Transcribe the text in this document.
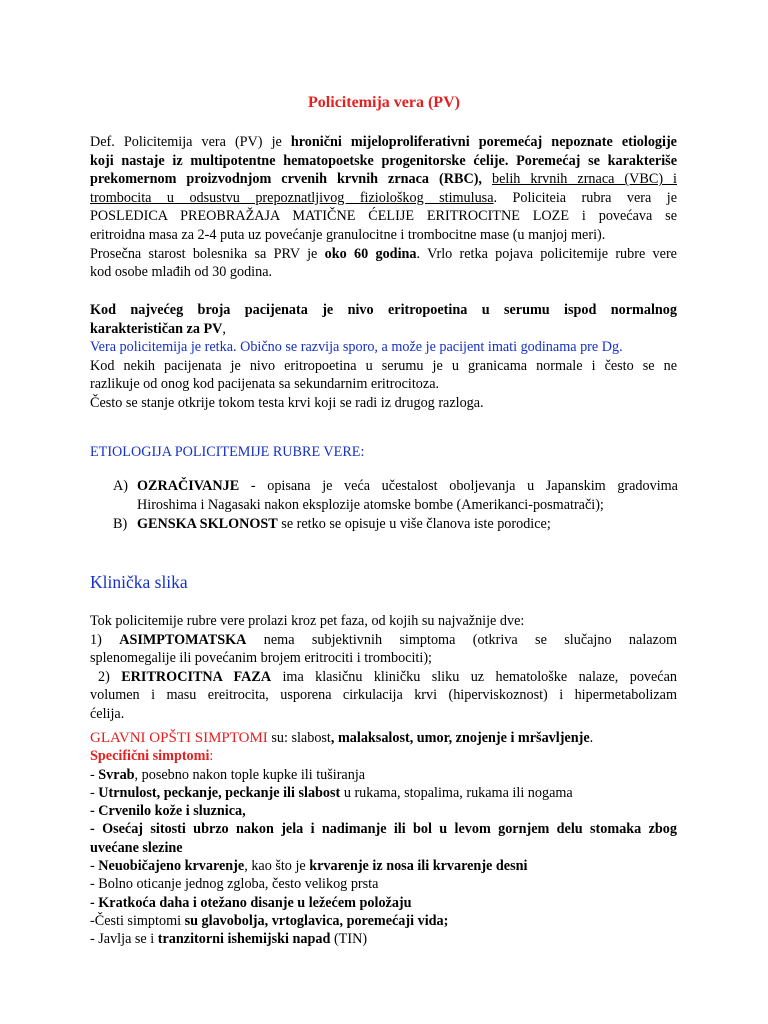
Policitemija vera (PV)
Def. Policitemija vera (PV) je hronični mijeloproliferativni poremećaj nepoznate etiologije
koji nastaje iz multipotentne hematopoetske progenitorske ćelije. Poremećaj se karakteriše
prekomernom proizvodnjom crvenih krvnih zrnaca (RBC), belih krvnih zrnaca (VBC) i
trombocita u odsustvu prepoznatljivog fiziološkog stimulusa. Policiteia rubra vera je
POSLEDICA PREOBRAŽAJA MATIČNE ĆELIJE ERITROCITNE LOZE i povećava se
eritroidna masa za 2-4 puta uz povećanje granulocitne i trombocitne mase (u manjoj meri).
Prosečna starost bolesnika sa PRV je oko 60 godina. Vrlo retka pojava policitemije rubre vere
kod osobe mlađih od 30 godina.
Kod najvećeg broja pacijenata je nivo eritropoetina u serumu ispod normalnog
karakterističan za PV,
Vera policitemija je retka. Obično se razvija sporo, a može je pacijent imati godinama pre Dg.
Kod nekih pacijenata je nivo eritropoetina u serumu je u granicama normale i često se ne
razlikuje od onog kod pacijenata sa sekundarnim eritrocitoza.
Često se stanje otkrije tokom testa krvi koji se radi iz drugog razloga.
ETIOLOGIJA POLICITEMIJE RUBRE VERE:
A) OZRAČIVANJE - opisana je veća učestalost oboljevanja u Japanskim gradovima
Hiroshima i Nagasaki nakon eksplozije atomske bombe (Amerikanci-posmatrači);
B) GENSKA SKLONOST se retko se opisuje u više članova iste porodice;
Klinička slika
Tok policitemije rubre vere prolazi kroz pet faza, od kojih su najvažnije dve:
1) ASIMPTOMATSKA nema subjektivnih simptoma (otkriva se slučajno nalazom
splenomegalije ili povećanim brojem eritrociti i trombociti);
2) ERITROCITNA FAZA ima klasičnu kliničku sliku uz hematološke nalaze, povećan
volumen i masu ereitrocita, usporena cirkulacija krvi (hiperviskoznost) i hipermetabolizam
ćelija.
GLAVNI OPŠTI SIMPTOMI su: slabost, malaksalost, umor, znojenje i mršavljenje.
Specifični simptomi:
- Svrab, posebno nakon tople kupke ili tuširanja
- Utrnulost, peckanje, peckanje ili slabost u rukama, stopalima, rukama ili nogama
- Crvenilo kože i sluznica,
- Osećaj sitosti ubrzo nakon jela i nadimanje ili bol u levom gornjem delu stomaka zbog
uvećane slezine
- Neuobičajeno krvarenje, kao što je krvarenje iz nosa ili krvarenje desni
- Bolno oticanje jednog zgloba, često velikog prsta
- Kratkoća daha i otežano disanje u ležećem položaju
-Česti simptomi su glavobolja, vrtoglavica, poremećaji vida;
- Javlja se i tranzitorni ishemijski napad (TIN)
